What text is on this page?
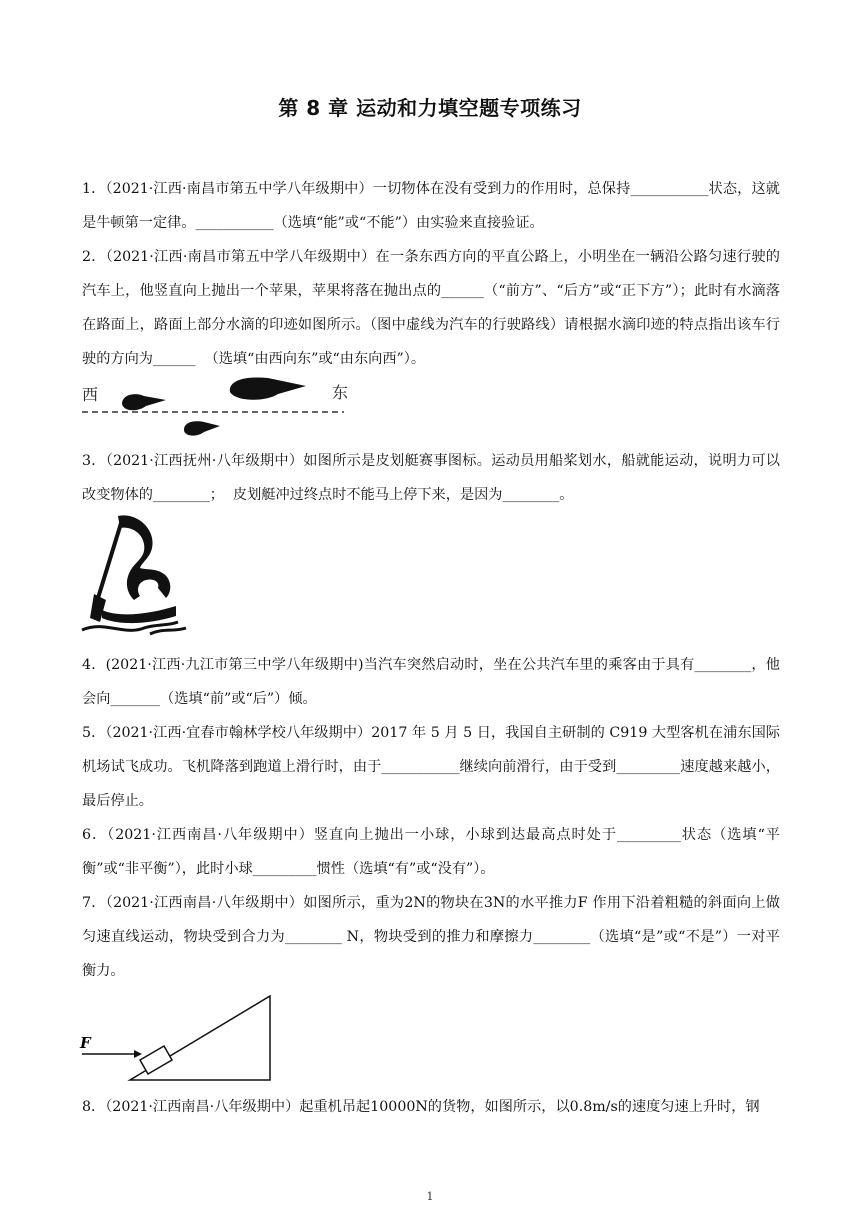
第 8 章 运动和力填空题专项练习
1．（2021·江西·南昌市第五中学八年级期中）一切物体在没有受到力的作用时，总保持___________状态，这就是牛顿第一定律。___________（选填“能”或“不能”）由实验来直接验证。
2．（2021·江西·南昌市第五中学八年级期中）在一条东西方向的平直公路上，小明坐在一辆沿公路匀速行驶的汽车上，他竖直向上抛出一个苹果，苹果将落在抛出点的______（“前方”、“后方”或“正下方”）；此时有水滴落在路面上，路面上部分水滴的印迹如图所示。（图中虚线为汽车的行驶路线）请根据水滴印迹的特点指出该车行驶的方向为______  （选填“由西向东”或“由东向西”）。
西	东
3．（2021·江西抚州·八年级期中）如图所示是皮划艇赛事图标。运动员用船桨划水，船就能运动，说明力可以改变物体的________；  皮划艇冲过终点时不能马上停下来，是因为________。
4．(2021·江西·九江市第三中学八年级期中)当汽车突然启动时，坐在公共汽车里的乘客由于具有________，他会向_______（选填“前”或“后”）倾。
5．（2021·江西·宜春市翰林学校八年级期中）2017 年 5 月 5 日，我国自主研制的 C919 大型客机在浦东国际机场试飞成功。飞机降落到跑道上滑行时，由于___________继续向前滑行，由于受到_________速度越来越小，最后停止。
6．（2021·江西南昌·八年级期中）竖直向上抛出一小球，小球到达最高点时处于_________状态（选填“平衡”或“非平衡”），此时小球_________惯性（选填“有”或“没有”）。
7．（2021·江西南昌·八年级期中）如图所示，重为2N的物块在3N的水平推力F 作用下沿着粗糙的斜面向上做匀速直线运动，物块受到合力为________ N，物块受到的推力和摩擦力________（选填“是”或“不是”）一对平衡力。
F
8．（2021·江西南昌·八年级期中）起重机吊起10000N的货物，如图所示，以0.8m/s的速度匀速上升时，钢
1
